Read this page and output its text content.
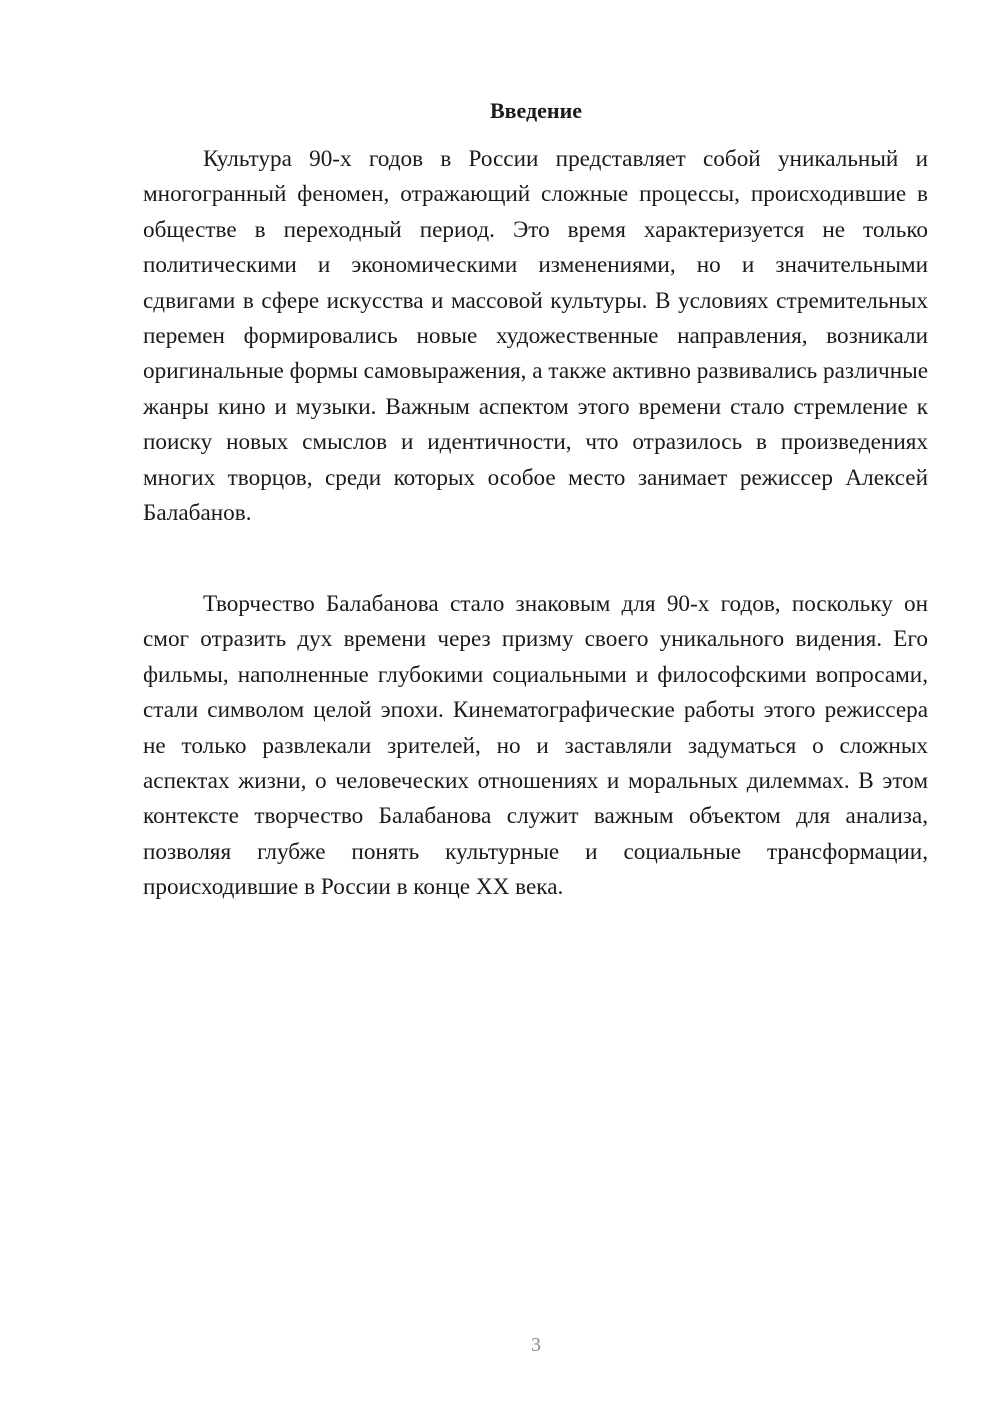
Введение

Культура 90-х годов в России представляет собой уникальный и многогранный феномен, отражающий сложные процессы, происходившие в обществе в переходный период. Это время характеризуется не только политическими и экономическими изменениями, но и значительными сдвигами в сфере искусства и массовой культуры. В условиях стремительных перемен формировались новые художественные направления, возникали оригинальные формы самовыражения, а также активно развивались различные жанры кино и музыки. Важным аспектом этого времени стало стремление к поиску новых смыслов и идентичности, что отразилось в произведениях многих творцов, среди которых особое место занимает режиссер Алексей Балабанов.

Творчество Балабанова стало знаковым для 90-х годов, поскольку он смог отразить дух времени через призму своего уникального видения. Его фильмы, наполненные глубокими социальными и философскими вопросами, стали символом целой эпохи. Кинематографические работы этого режиссера не только развлекали зрителей, но и заставляли задуматься о сложных аспектах жизни, о человеческих отношениях и моральных дилеммах. В этом контексте творчество Балабанова служит важным объектом для анализа, позволяя глубже понять культурные и социальные трансформации, происходившие в России в конце XX века.

3
